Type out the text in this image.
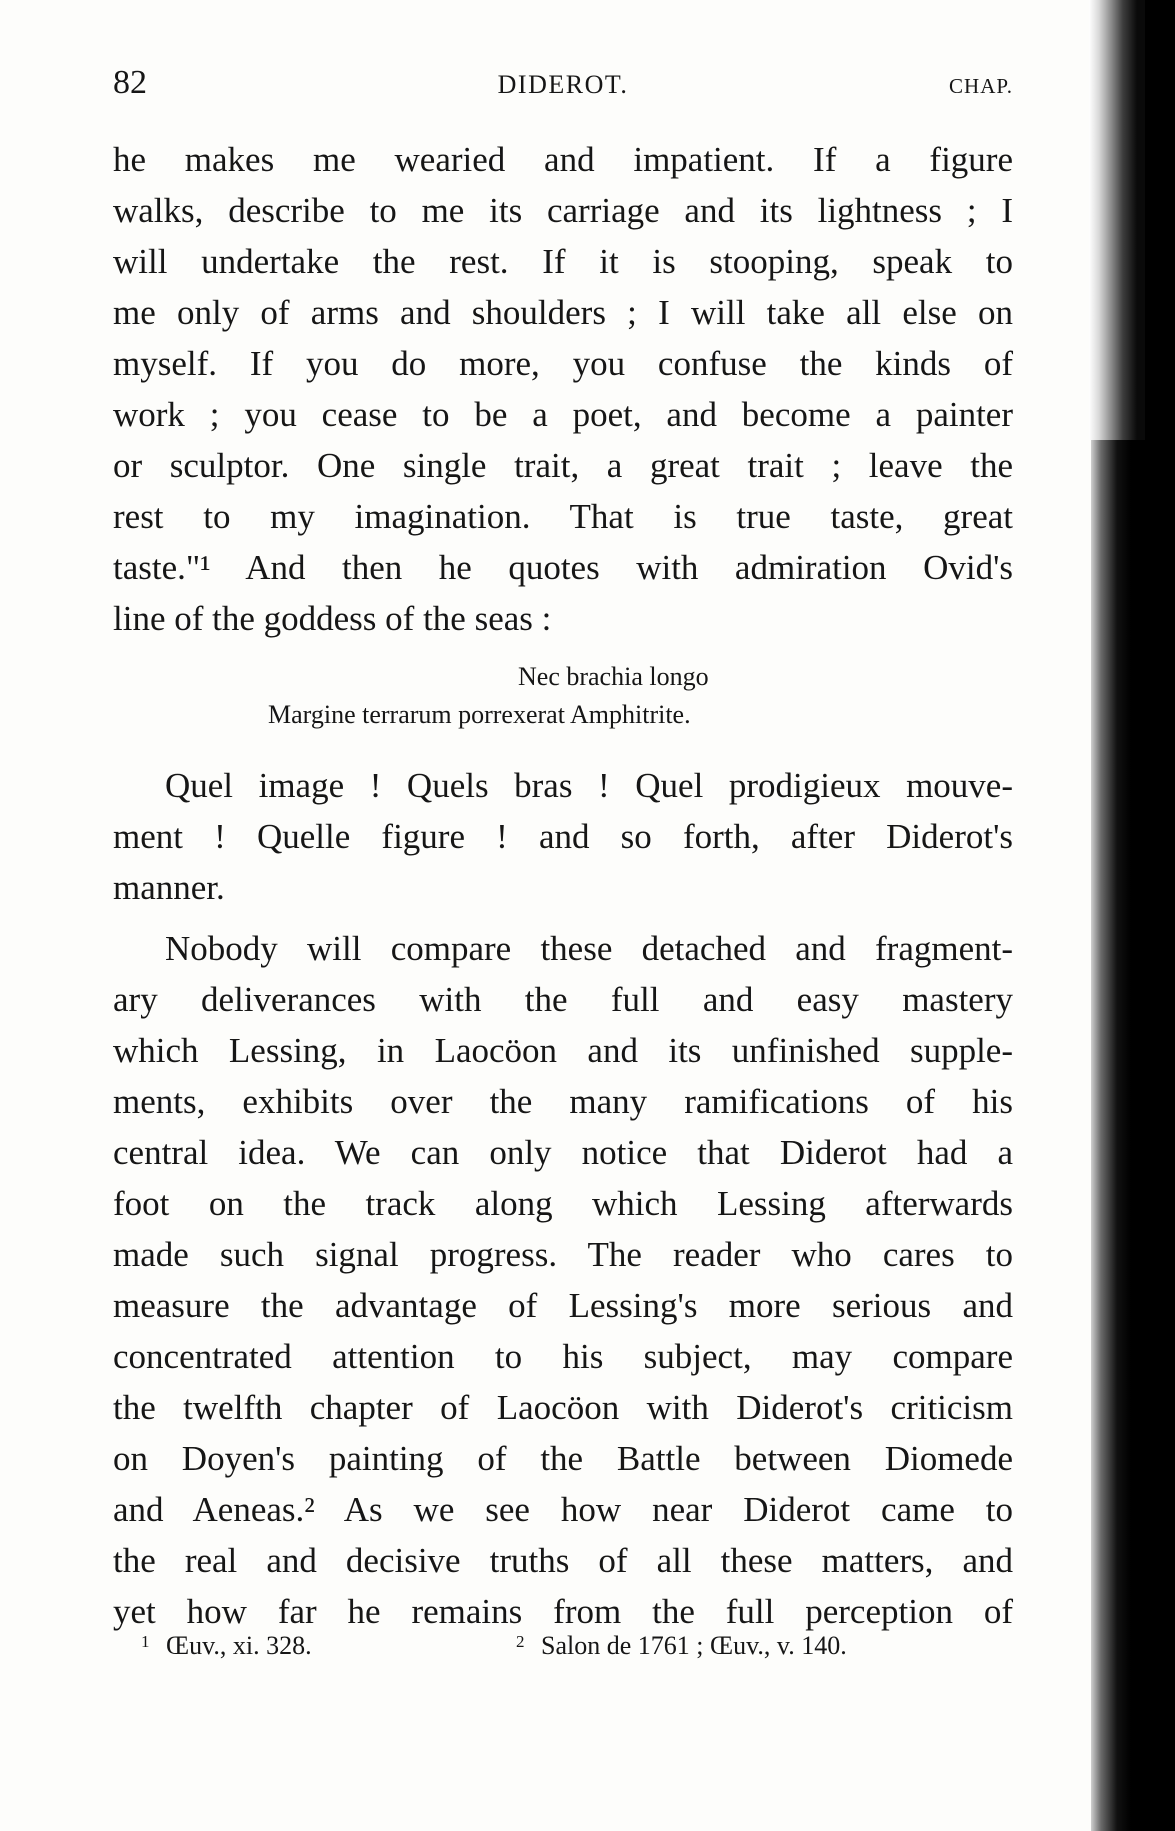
82	DIDEROT.	CHAP.
he makes me wearied and impatient. If a figure
walks, describe to me its carriage and its lightness ; I
will undertake the rest. If it is stooping, speak to
me only of arms and shoulders ; I will take all else on
myself. If you do more, you confuse the kinds of
work ; you cease to be a poet, and become a painter
or sculptor. One single trait, a great trait ; leave the
rest to my imagination. That is true taste, great
taste."¹ And then he quotes with admiration Ovid's
line of the goddess of the seas :
Nec brachia longo
Margine terrarum porrexerat Amphitrite.
Quel image ! Quels bras ! Quel prodigieux mouve-
ment ! Quelle figure ! and so forth, after Diderot's
manner.
Nobody will compare these detached and fragment-
ary deliverances with the full and easy mastery
which Lessing, in Laocöon and its unfinished supple-
ments, exhibits over the many ramifications of his
central idea. We can only notice that Diderot had a
foot on the track along which Lessing afterwards
made such signal progress. The reader who cares to
measure the advantage of Lessing's more serious and
concentrated attention to his subject, may compare
the twelfth chapter of Laocöon with Diderot's criticism
on Doyen's painting of the Battle between Diomede
and Aeneas.² As we see how near Diderot came to
the real and decisive truths of all these matters, and
yet how far he remains from the full perception of
$^1$ Œuv., xi. 328.	$^2$ Salon de 1761 ; Œuv., v. 140.
